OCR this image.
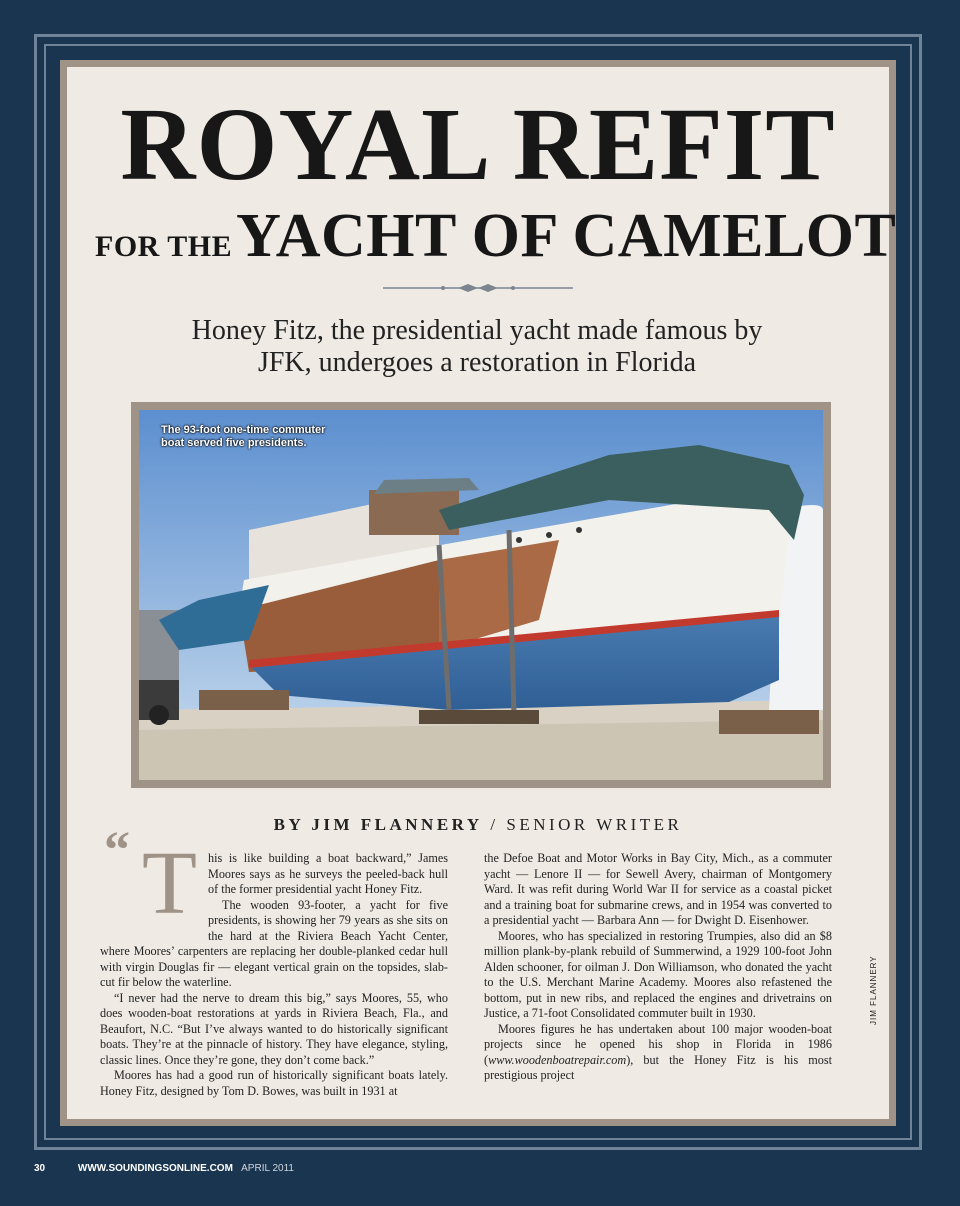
ROYAL REFIT
FOR THE YACHT OF CAMELOT
Honey Fitz, the presidential yacht made famous by JFK, undergoes a restoration in Florida
The 93-foot one-time commuter boat served five presidents.
BY JIM FLANNERY / SENIOR WRITER
JIM FLANNERY
“ T his is like building a boat backward,” James Moores says as he surveys the peeled-back hull of the former presidential yacht Honey Fitz.

The wooden 93-footer, a yacht for five presidents, is showing her 79 years as she sits on the hard at the Riviera Beach Yacht Center, where Moores’ carpenters are replacing her double-planked cedar hull with virgin Douglas fir — elegant vertical grain on the topsides, slab-cut fir below the waterline.

“I never had the nerve to dream this big,” says Moores, 55, who does wooden-boat restorations at yards in Riviera Beach, Fla., and Beaufort, N.C. “But I’ve always wanted to do historically significant boats. They’re at the pinnacle of history. They have elegance, styling, classic lines. Once they’re gone, they don’t come back.”

Moores has had a good run of historically significant boats lately. Honey Fitz, designed by Tom D. Bowes, was built in 1931 at

the Defoe Boat and Motor Works in Bay City, Mich., as a commuter yacht — Lenore II — for Sewell Avery, chairman of Montgomery Ward. It was refit during World War II for service as a coastal picket and a training boat for submarine crews, and in 1954 was converted to a presidential yacht — Barbara Ann — for Dwight D. Eisenhower.

Moores, who has specialized in restoring Trumpies, also did an $8 million plank-by-plank rebuild of Summerwind, a 1929 100-foot John Alden schooner, for oilman J. Don Williamson, who donated the yacht to the U.S. Merchant Marine Academy. Moores also refastened the bottom, put in new ribs, and replaced the engines and drivetrains on Justice, a 71-foot Consolidated commuter built in 1930.

Moores figures he has undertaken about 100 major wooden-boat projects since he opened his shop in Florida in 1986 (www.woodenboatrepair.com), but the Honey Fitz is his most prestigious project

30	WWW.SOUNDINGSONLINE.COM APRIL 2011
